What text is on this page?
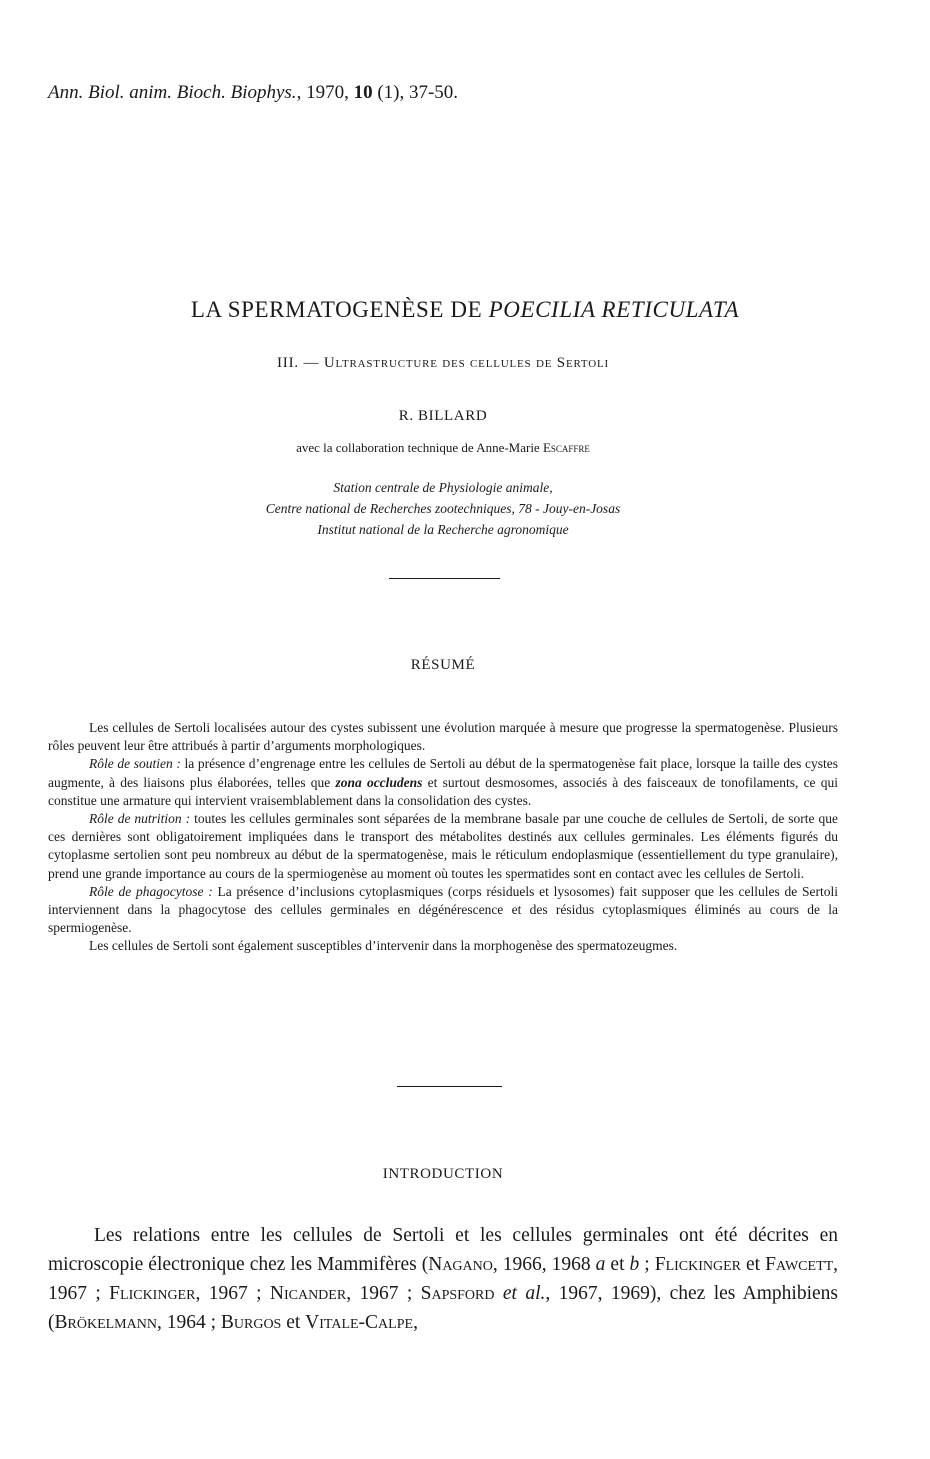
Ann. Biol. anim. Bioch. Biophys., 1970, 10 (1), 37-50.
LA SPERMATOGENÈSE DE POECILIA RETICULATA
III. — Ultrastructure des cellules de Sertoli
R. BILLARD
avec la collaboration technique de Anne-Marie Escaffre
Station centrale de Physiologie animale,
Centre national de Recherches zootechniques, 78 - Jouy-en-Josas
Institut national de la Recherche agronomique
RÉSUMÉ

Les cellules de Sertoli localisées autour des cystes subissent une évolution marquée à mesure que progresse la spermatogenèse. Plusieurs rôles peuvent leur être attribués à partir d’arguments morphologiques.

Rôle de soutien : la présence d’engrenage entre les cellules de Sertoli au début de la spermatogenèse fait place, lorsque la taille des cystes augmente, à des liaisons plus élaborées, telles que zona occludens et surtout desmosomes, associés à des faisceaux de tonofilaments, ce qui constitue une armature qui intervient vraisemblablement dans la consolidation des cystes.

Rôle de nutrition : toutes les cellules germinales sont séparées de la membrane basale par une couche de cellules de Sertoli, de sorte que ces dernières sont obligatoirement impliquées dans le transport des métabolites destinés aux cellules germinales. Les éléments figurés du cytoplasme sertolien sont peu nombreux au début de la spermatogenèse, mais le réticulum endoplasmique (essentiellement du type granulaire), prend une grande importance au cours de la spermiogenèse au moment où toutes les spermatides sont en contact avec les cellules de Sertoli.

Rôle de phagocytose : La présence d’inclusions cytoplasmiques (corps résiduels et lysosomes) fait supposer que les cellules de Sertoli interviennent dans la phagocytose des cellules germinales en dégénérescence et des résidus cytoplasmiques éliminés au cours de la spermiogenèse.

Les cellules de Sertoli sont également susceptibles d’intervenir dans la morphogenèse des spermatozeugmes.

INTRODUCTION

Les relations entre les cellules de Sertoli et les cellules germinales ont été décrites en microscopie électronique chez les Mammifères (Nagano, 1966, 1968 a et b ; Flickinger et Fawcett, 1967 ; Flickinger, 1967 ; Nicander, 1967 ; Sapsford et al., 1967, 1969), chez les Amphibiens (Brökelmann, 1964 ; Burgos et Vitale-Calpe,
